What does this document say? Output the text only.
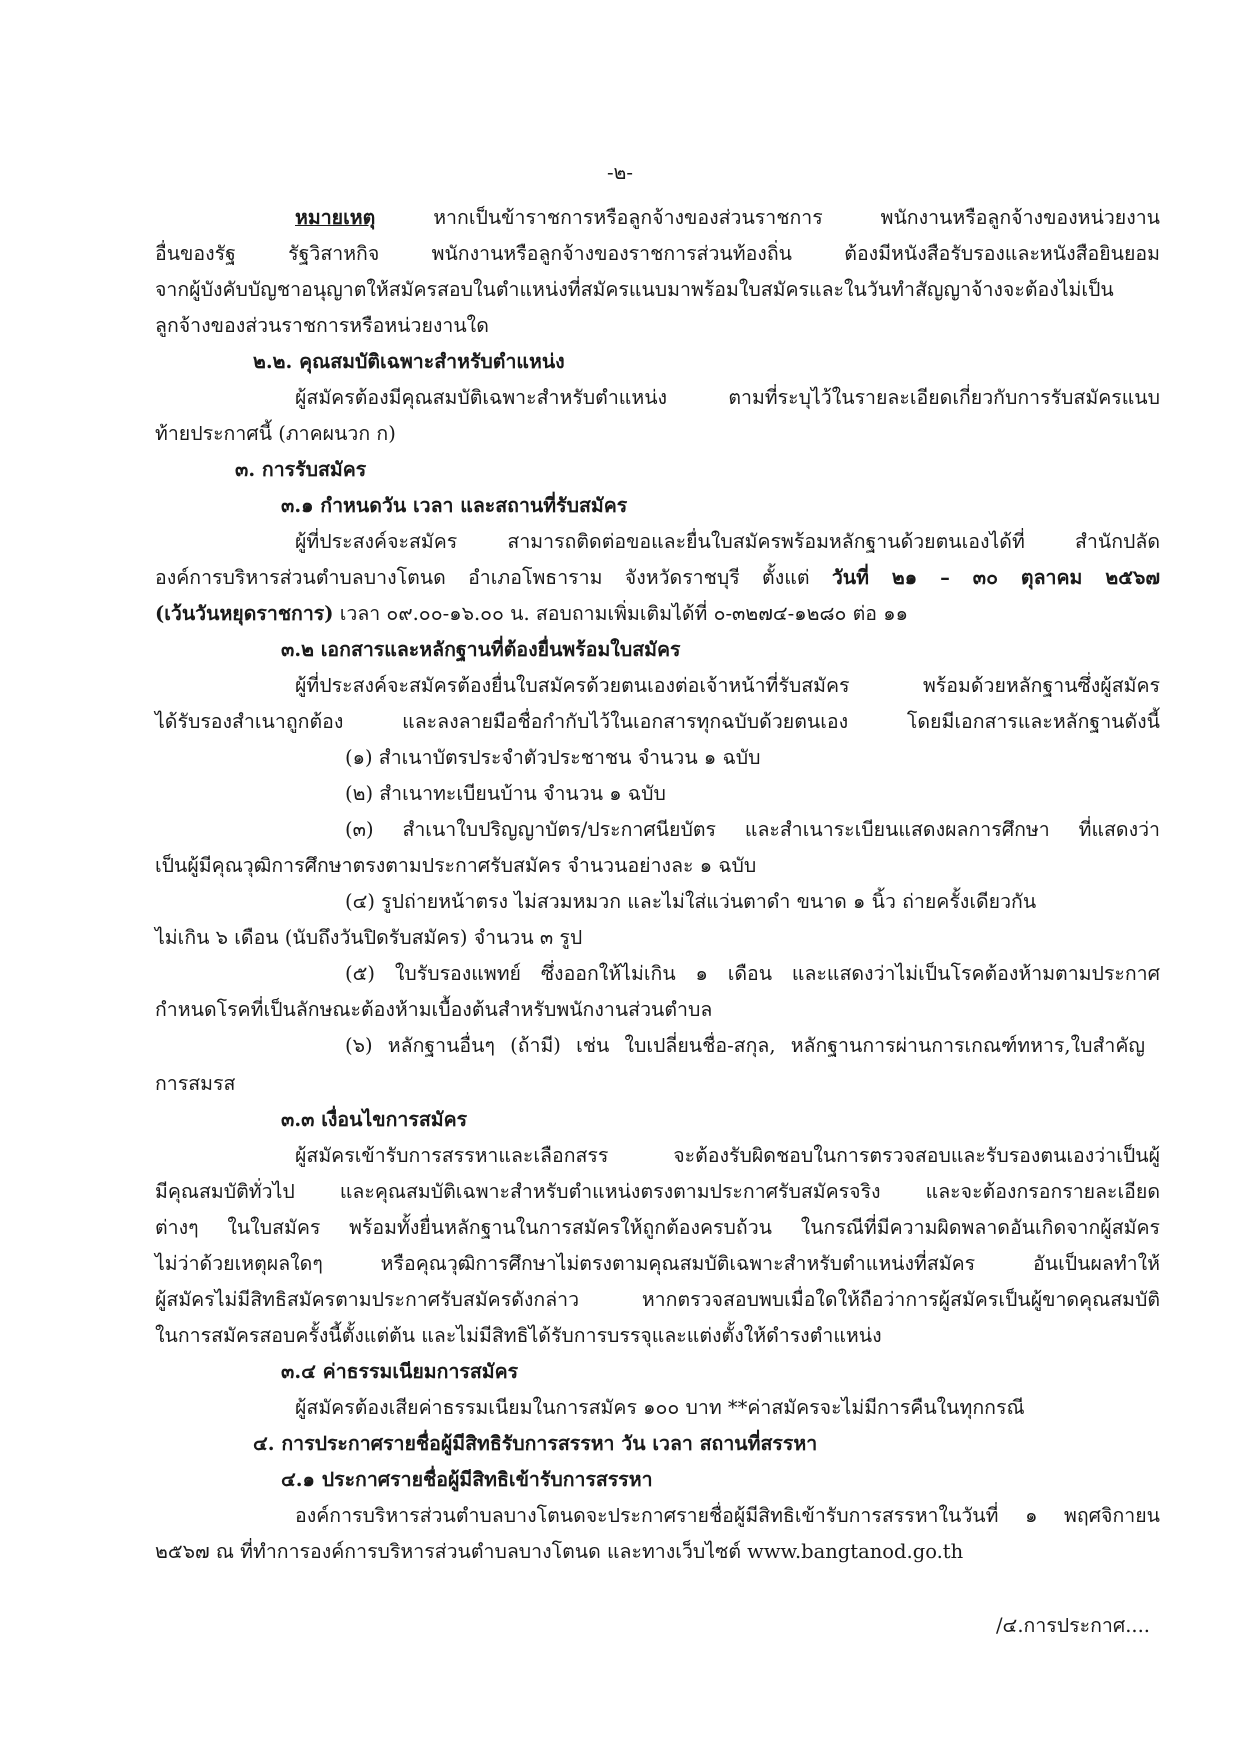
-๒-
หมายเหตุ	หากเป็นข้าราชการหรือลูกจ้างของส่วนราชการ พนักงานหรือลูกจ้างของหน่วยงาน
อื่นของรัฐ รัฐวิสาหกิจ พนักงานหรือลูกจ้างของราชการส่วนท้องถิ่น ต้องมีหนังสือรับรองและหนังสือยินยอม
จากผู้บังคับบัญชาอนุญาตให้สมัครสอบในตำแหน่งที่สมัครแนบมาพร้อมใบสมัครและในวันทำสัญญาจ้างจะต้องไม่เป็น
ลูกจ้างของส่วนราชการหรือหน่วยงานใด
๒.๒. คุณสมบัติเฉพาะสำหรับตำแหน่ง
ผู้สมัครต้องมีคุณสมบัติเฉพาะสำหรับตำแหน่ง ตามที่ระบุไว้ในรายละเอียดเกี่ยวกับการรับสมัครแนบ
ท้ายประกาศนี้ (ภาคผนวก ก)
๓. การรับสมัคร
๓.๑ กำหนดวัน เวลา และสถานที่รับสมัคร
ผู้ที่ประสงค์จะสมัคร สามารถติดต่อขอและยื่นใบสมัครพร้อมหลักฐานด้วยตนเองได้ที่ สำนักปลัด
องค์การบริหารส่วนตำบลบางโตนด อำเภอโพธาราม จังหวัดราชบุรี ตั้งแต่ วันที่ ๒๑ – ๓๐ ตุลาคม ๒๕๖๗
(เว้นวันหยุดราชการ) เวลา ๐๙.๐๐-๑๖.๐๐ น. สอบถามเพิ่มเติมได้ที่ ๐-๓๒๗๔-๑๒๘๐ ต่อ ๑๑
๓.๒ เอกสารและหลักฐานที่ต้องยื่นพร้อมใบสมัคร
ผู้ที่ประสงค์จะสมัครต้องยื่นใบสมัครด้วยตนเองต่อเจ้าหน้าที่รับสมัคร พร้อมด้วยหลักฐานซึ่งผู้สมัคร
ได้รับรองสำเนาถูกต้อง และลงลายมือชื่อกำกับไว้ในเอกสารทุกฉบับด้วยตนเอง โดยมีเอกสารและหลักฐานดังนี้
(๑) สำเนาบัตรประจำตัวประชาชน จำนวน ๑ ฉบับ
(๒) สำเนาทะเบียนบ้าน จำนวน ๑ ฉบับ
(๓) สำเนาใบปริญญาบัตร/ประกาศนียบัตร และสำเนาระเบียนแสดงผลการศึกษา ที่แสดงว่า
เป็นผู้มีคุณวุฒิการศึกษาตรงตามประกาศรับสมัคร จำนวนอย่างละ ๑ ฉบับ
(๔) รูปถ่ายหน้าตรง ไม่สวมหมวก และไม่ใส่แว่นตาดำ ขนาด ๑ นิ้ว ถ่ายครั้งเดียวกัน
ไม่เกิน ๖ เดือน (นับถึงวันปิดรับสมัคร) จำนวน ๓ รูป
(๕) ใบรับรองแพทย์ ซึ่งออกให้ไม่เกิน ๑ เดือน และแสดงว่าไม่เป็นโรคต้องห้ามตามประกาศ
กำหนดโรคที่เป็นลักษณะต้องห้ามเบื้องต้นสำหรับพนักงานส่วนตำบล
(๖) หลักฐานอื่นๆ (ถ้ามี) เช่น ใบเปลี่ยนชื่อ-สกุล, หลักฐานการผ่านการเกณฑ์ทหาร,ใบสำคัญ
การสมรส
๓.๓ เงื่อนไขการสมัคร
ผู้สมัครเข้ารับการสรรหาและเลือกสรร จะต้องรับผิดชอบในการตรวจสอบและรับรองตนเองว่าเป็นผู้
มีคุณสมบัติทั่วไป และคุณสมบัติเฉพาะสำหรับตำแหน่งตรงตามประกาศรับสมัครจริง และจะต้องกรอกรายละเอียด
ต่างๆ ในใบสมัคร พร้อมทั้งยื่นหลักฐานในการสมัครให้ถูกต้องครบถ้วน ในกรณีที่มีความผิดพลาดอันเกิดจากผู้สมัคร
ไม่ว่าด้วยเหตุผลใดๆ หรือคุณวุฒิการศึกษาไม่ตรงตามคุณสมบัติเฉพาะสำหรับตำแหน่งที่สมัคร อันเป็นผลทำให้
ผู้สมัครไม่มีสิทธิสมัครตามประกาศรับสมัครดังกล่าว หากตรวจสอบพบเมื่อใดให้ถือว่าการผู้สมัครเป็นผู้ขาดคุณสมบัติ
ในการสมัครสอบครั้งนี้ตั้งแต่ต้น และไม่มีสิทธิได้รับการบรรจุและแต่งตั้งให้ดำรงตำแหน่ง
๓.๔ ค่าธรรมเนียมการสมัคร
ผู้สมัครต้องเสียค่าธรรมเนียมในการสมัคร ๑๐๐ บาท **ค่าสมัครจะไม่มีการคืนในทุกกรณี
๔. การประกาศรายชื่อผู้มีสิทธิรับการสรรหา วัน เวลา สถานที่สรรหา
๔.๑ ประกาศรายชื่อผู้มีสิทธิเข้ารับการสรรหา
องค์การบริหารส่วนตำบลบางโตนดจะประกาศรายชื่อผู้มีสิทธิเข้ารับการสรรหาในวันที่ ๑ พฤศจิกายน
๒๕๖๗ ณ ที่ทำการองค์การบริหารส่วนตำบลบางโตนด และทางเว็บไซต์ www.bangtanod.go.th
/๔.การประกาศ....
